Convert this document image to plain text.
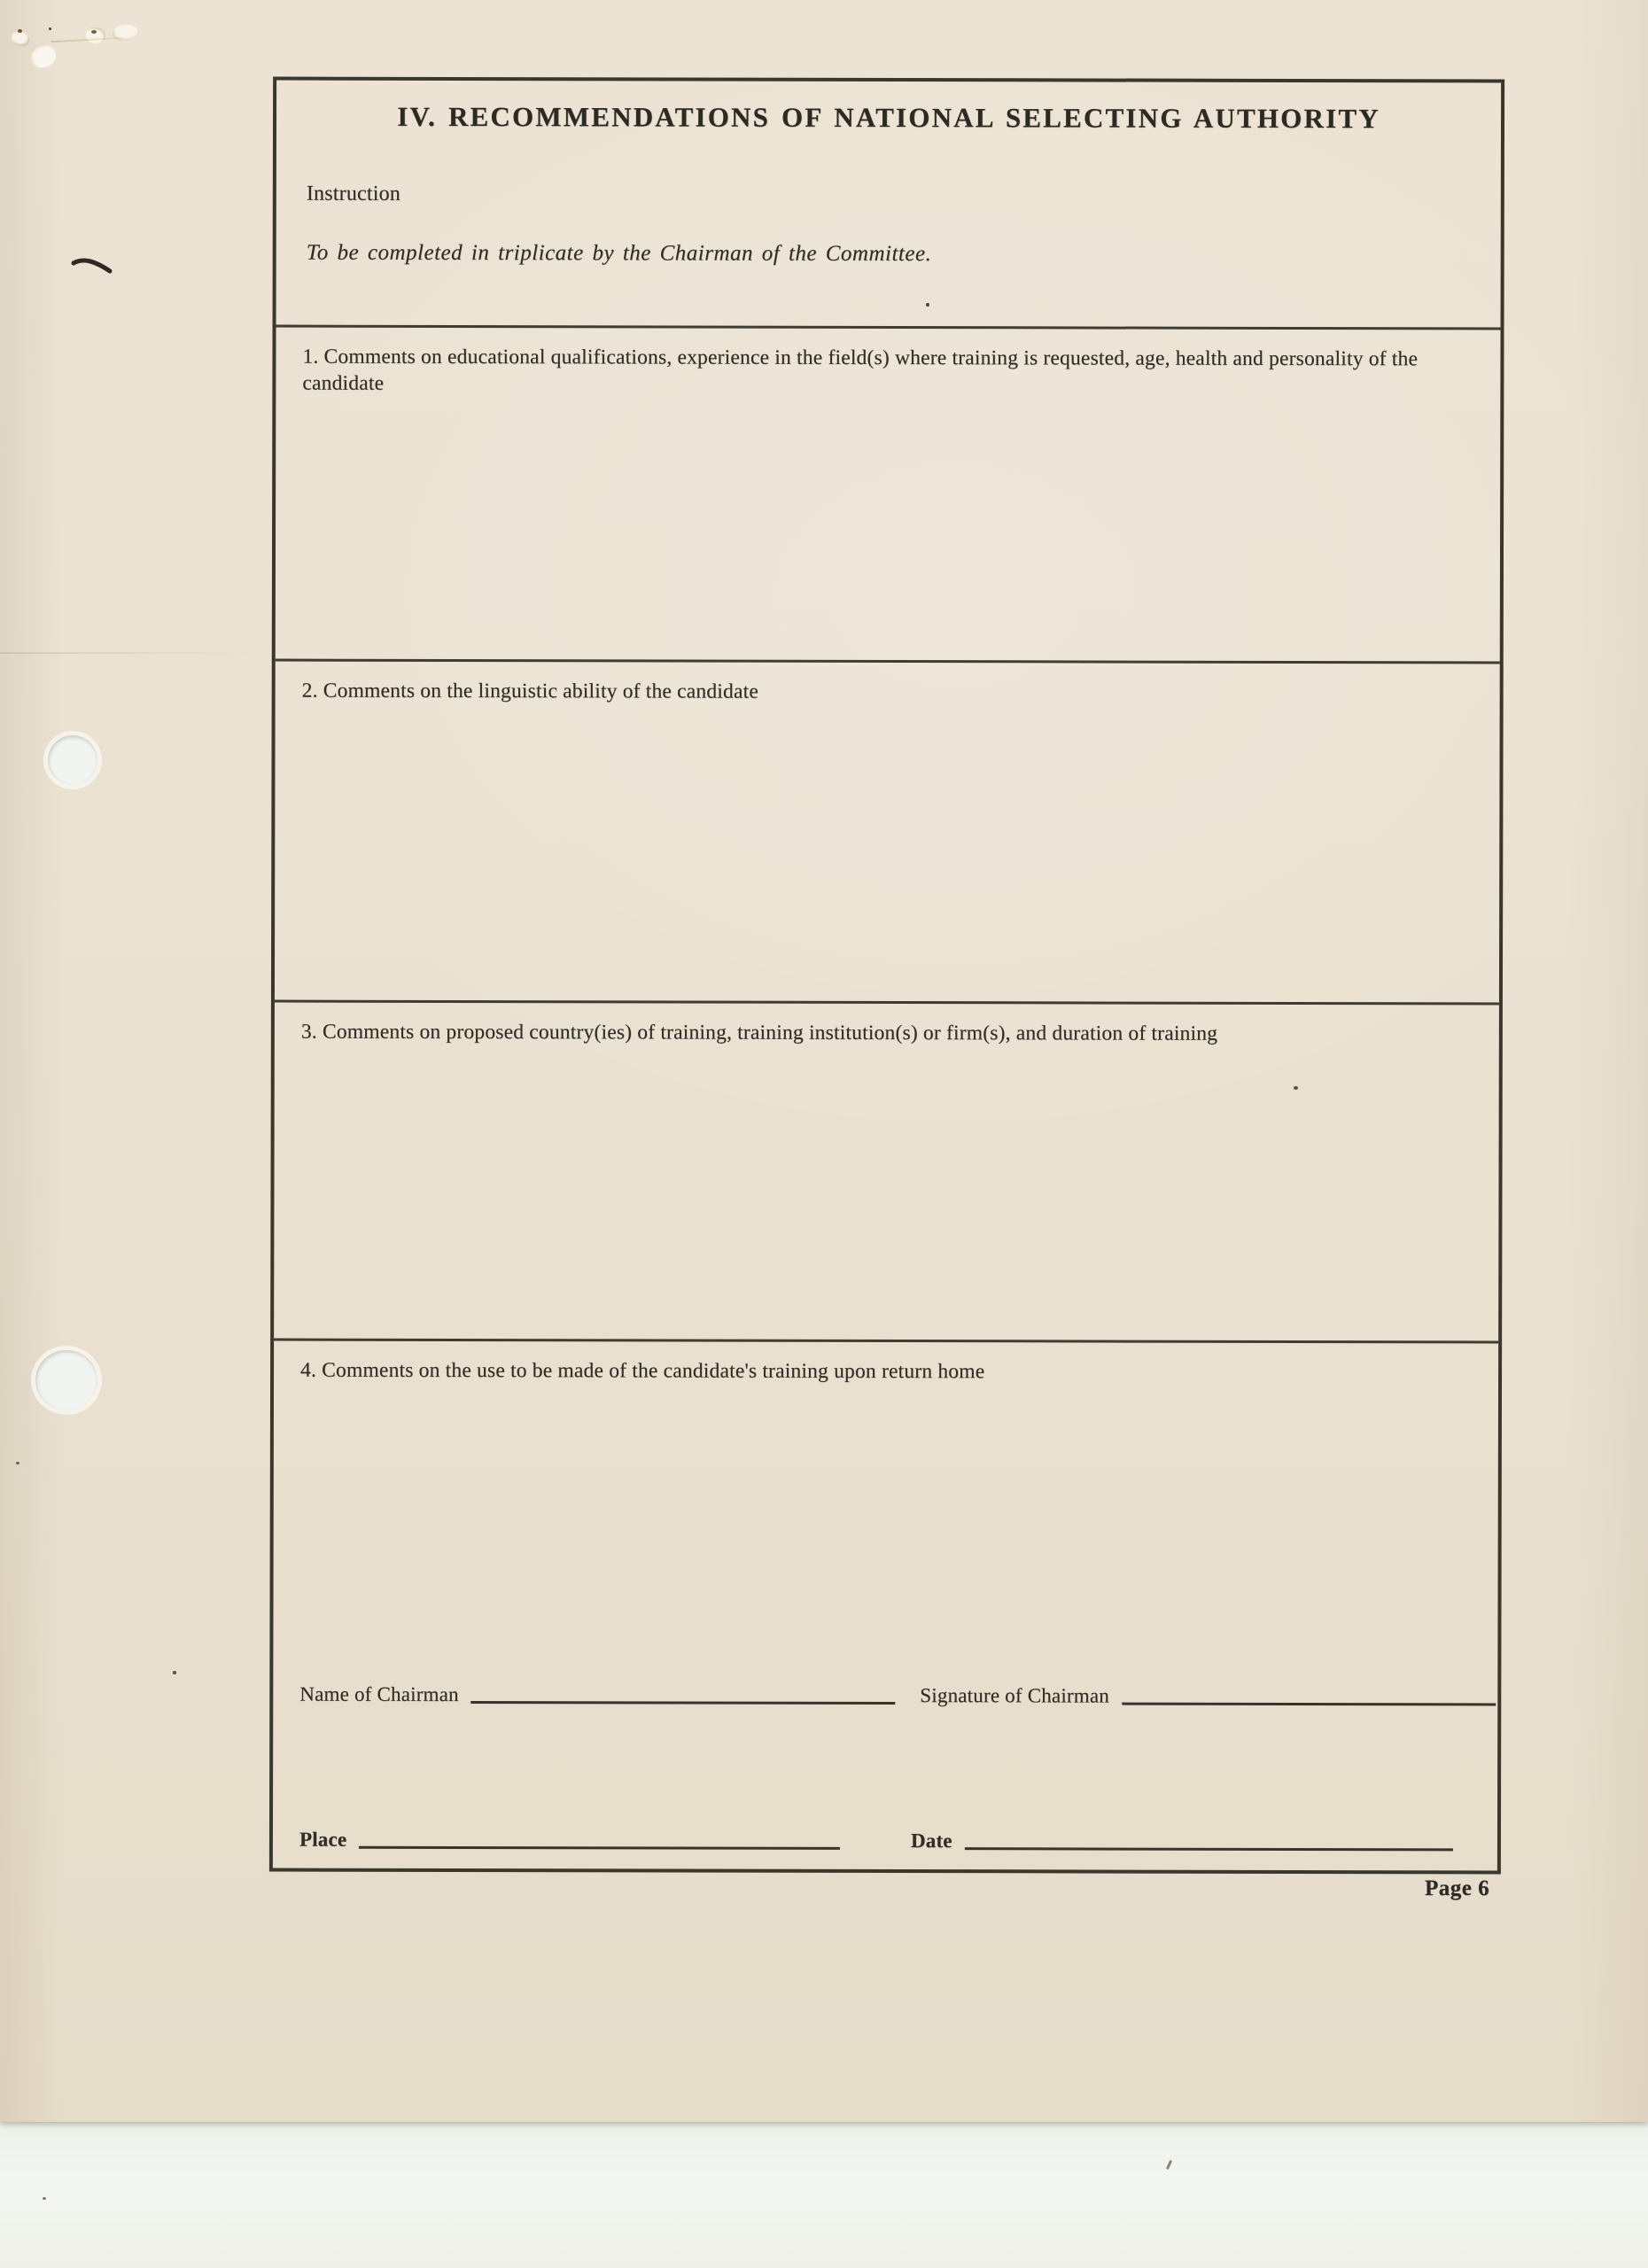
IV. RECOMMENDATIONS OF NATIONAL SELECTING AUTHORITY
Instruction
To be completed in triplicate by the Chairman of the Committee.
1. Comments on educational qualifications, experience in the field(s) where training is requested, age, health and personality of the candidate
2. Comments on the linguistic ability of the candidate
3. Comments on proposed country(ies) of training, training institution(s) or firm(s), and duration of training
4. Comments on the use to be made of the candidate's training upon return home
Name of Chairman	Signature of Chairman
Place	Date
Page 6
